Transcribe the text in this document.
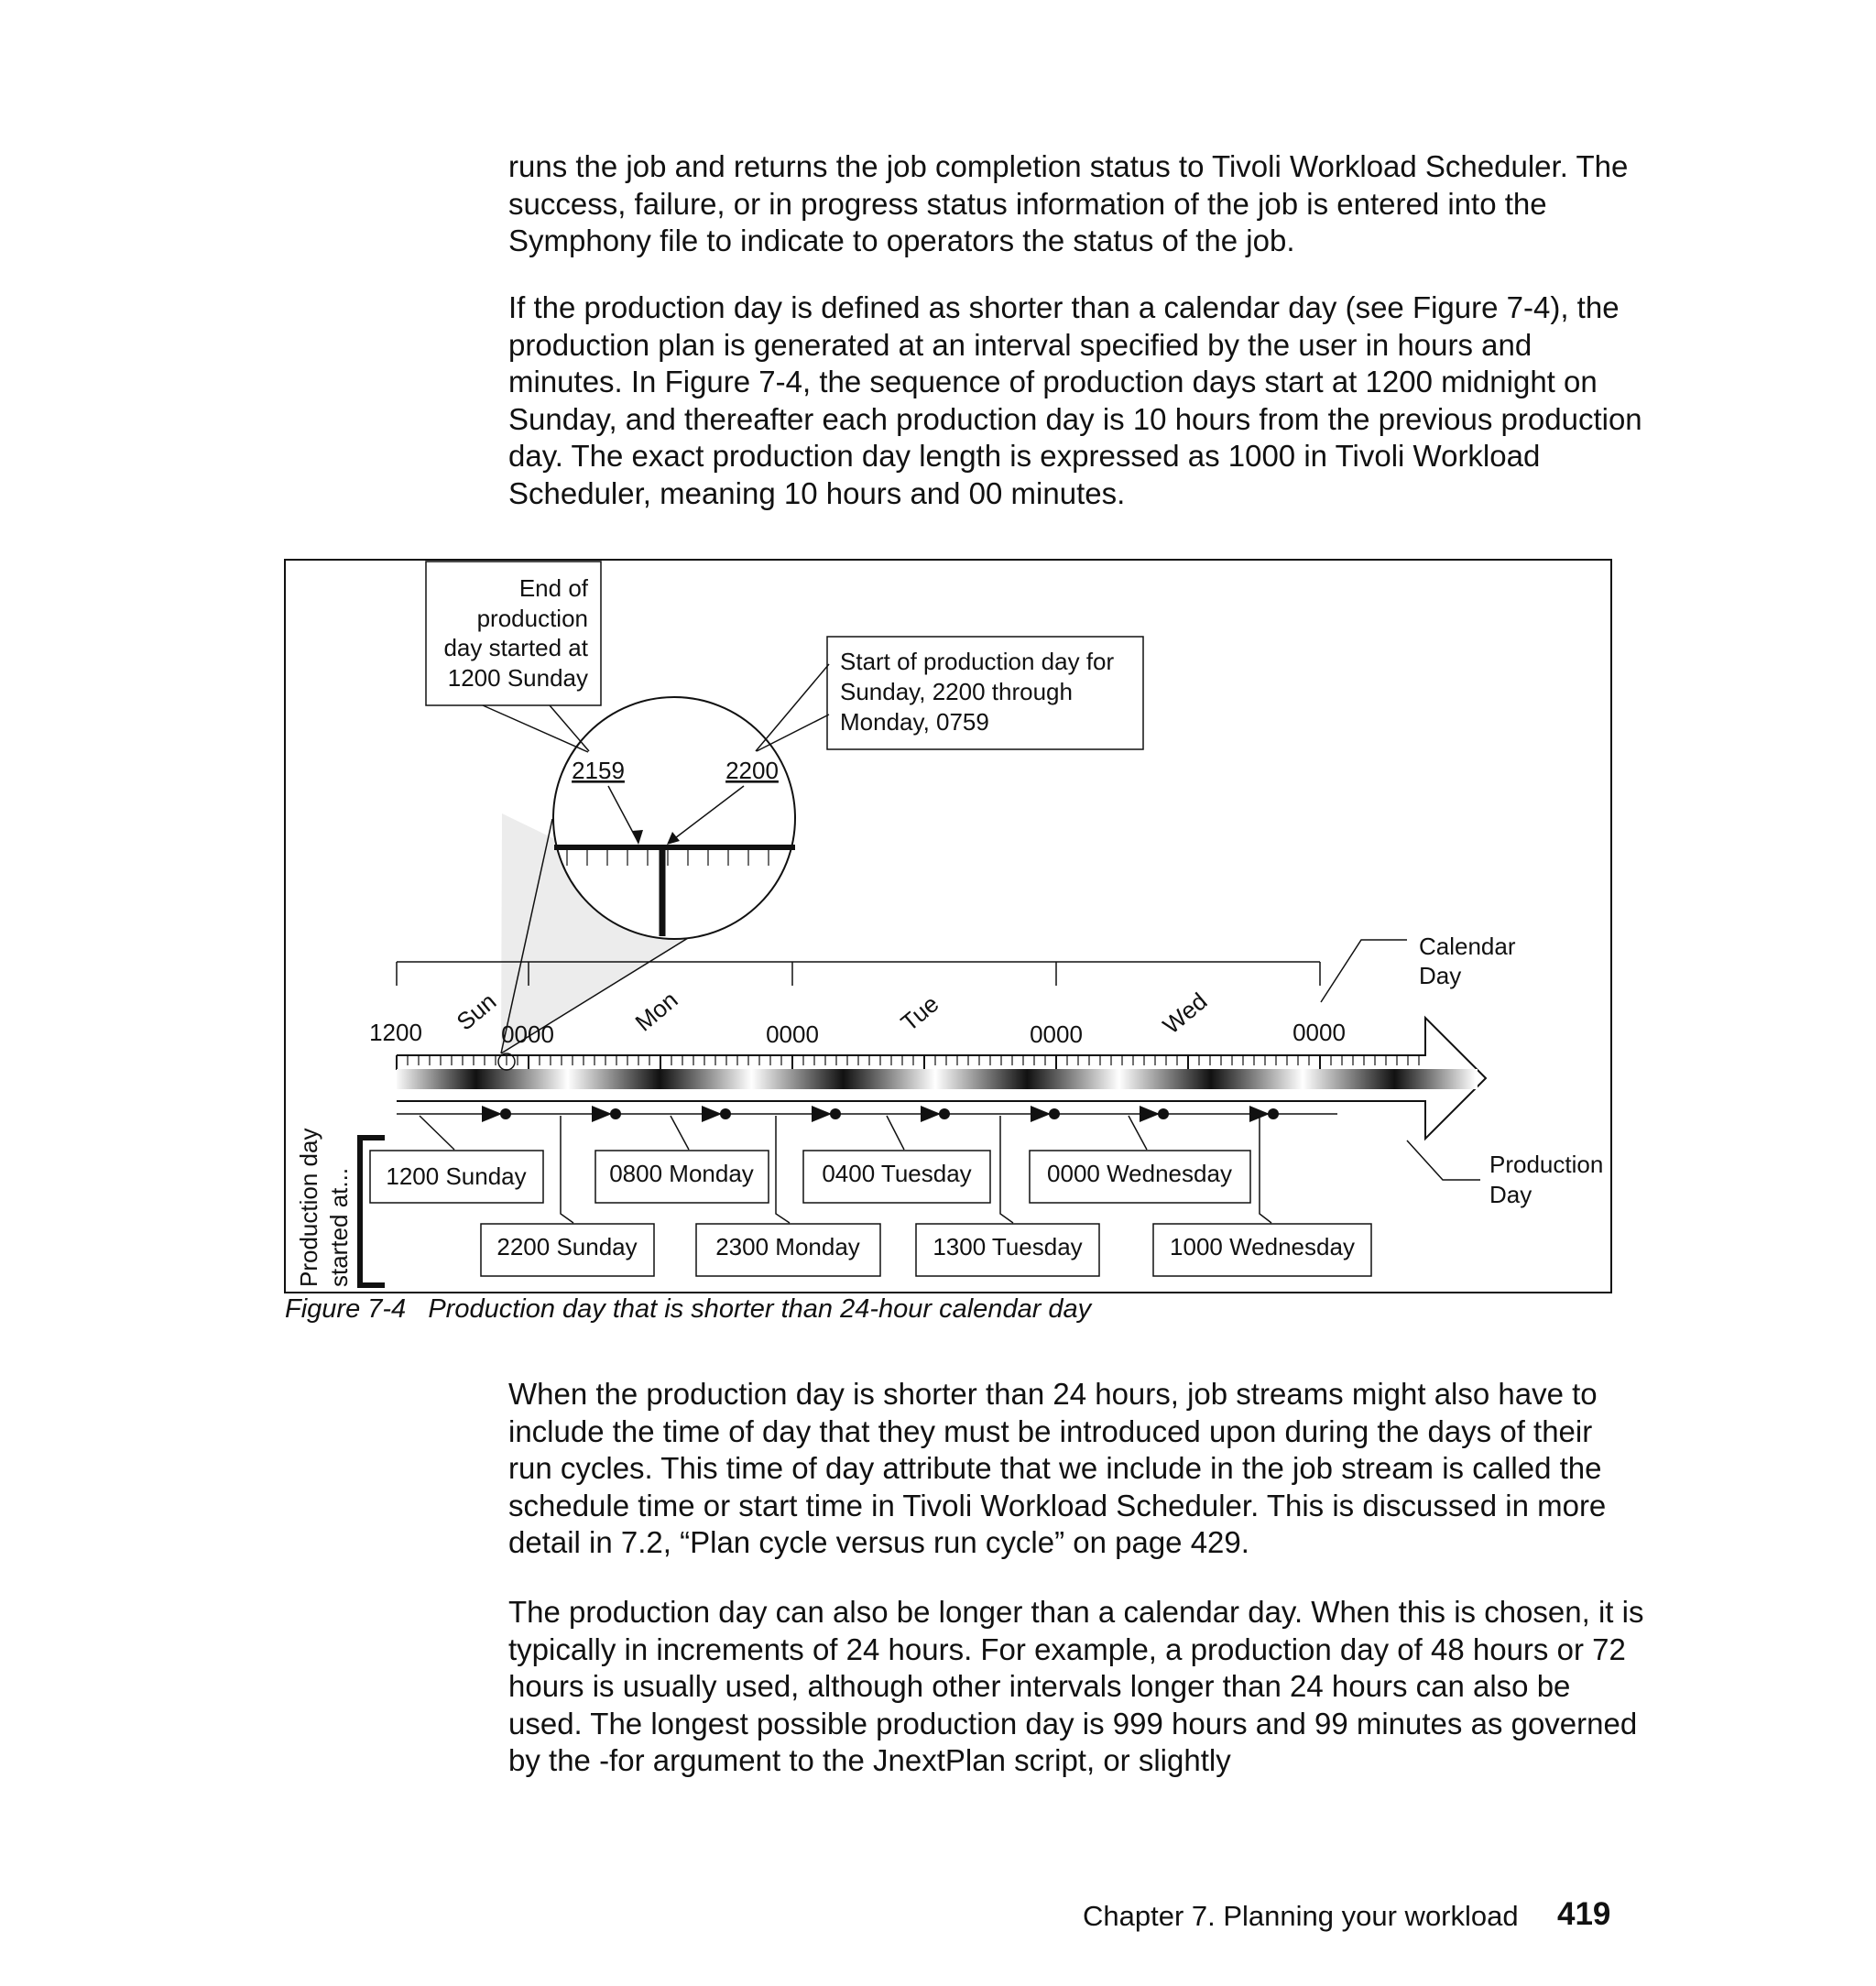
runs the job and returns the job completion status to Tivoli Workload Scheduler. The success, failure, or in progress status information of the job is entered into the Symphony file to indicate to operators the status of the job.

If the production day is defined as shorter than a calendar day (see Figure 7-4), the production plan is generated at an interval specified by the user in hours and minutes. In Figure 7-4, the sequence of production days start at 1200 midnight on Sunday, and thereafter each production day is 10 hours from the previous production day. The exact production day length is expressed as 1000 in Tivoli Workload Scheduler, meaning 10 hours and 00 minutes.

2159	2200
End of
production
day started at
1200 Sunday
Start of production day for
Sunday, 2200 through
Monday, 0759
Calendar
Day
1200	0000	0000	0000	0000
Sun	Mon	Tue	Wed
Production
Day
Production day started at... 1200 Sunday	0800 Monday	0400 Tuesday	0000 Wednesday
2200 Sunday	2300 Monday	1300 Tuesday	1000 Wednesday

Figure 7-4 Production day that is shorter than 24-hour calendar day

When the production day is shorter than 24 hours, job streams might also have to include the time of day that they must be introduced upon during the days of their run cycles. This time of day attribute that we include in the job stream is called the schedule time or start time in Tivoli Workload Scheduler. This is discussed in more detail in 7.2, “Plan cycle versus run cycle” on page 429.

The production day can also be longer than a calendar day. When this is chosen, it is typically in increments of 24 hours. For example, a production day of 48 hours or 72 hours is usually used, although other intervals longer than 24 hours can also be used. The longest possible production day is 999 hours and 99 minutes as governed by the -for argument to the JnextPlan script, or slightly

Chapter 7. Planning your workload 419
